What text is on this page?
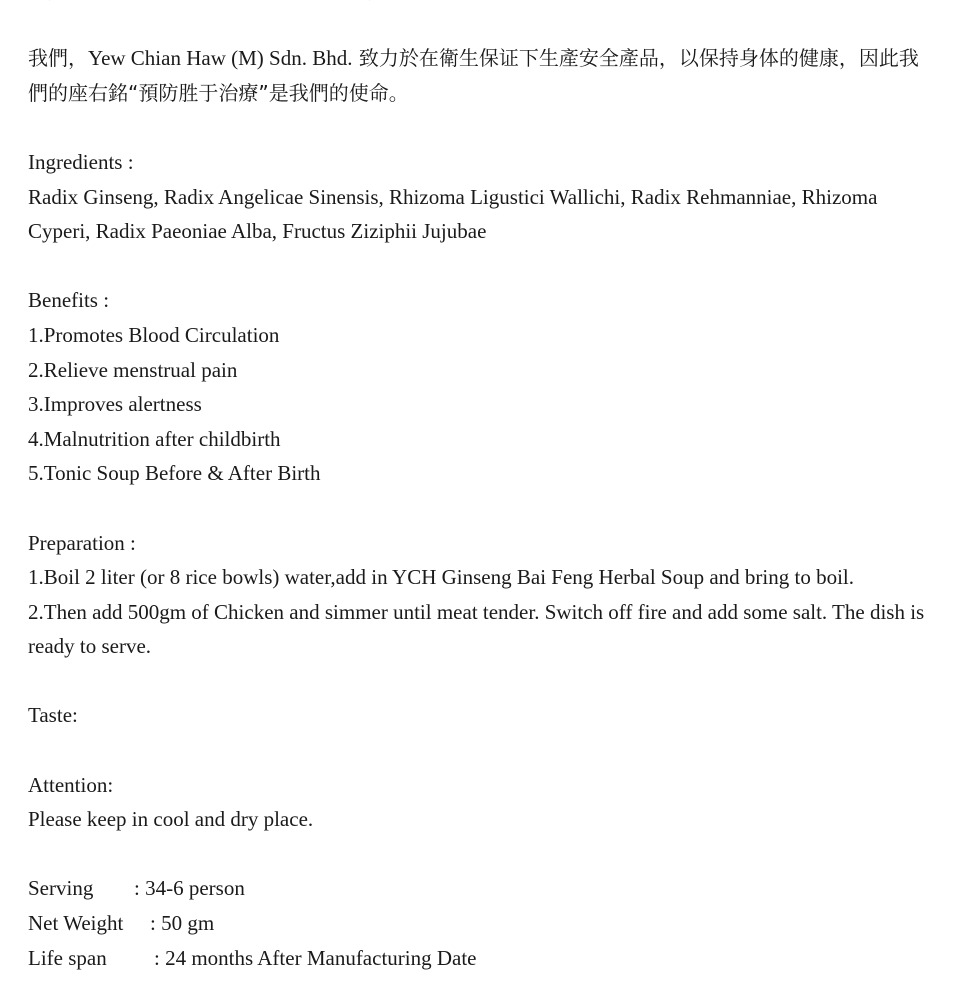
我們，Yew Chian Haw (M) Sdn. Bhd. 致力於在衛生保证下生產安全產品，以保持身体的健康，因此我們的座右銘“預防胜于治療”是我們的使命。
Ingredients :
Radix Ginseng, Radix Angelicae Sinensis, Rhizoma Ligustici Wallichi, Radix Rehmanniae, Rhizoma Cyperi, Radix Paeoniae Alba, Fructus Ziziphii Jujubae
Benefits :
1.Promotes Blood Circulation
2.Relieve menstrual pain
3.Improves alertness
4.Malnutrition after childbirth
5.Tonic Soup Before & After Birth
Preparation :
1.Boil 2 liter (or 8 rice bowls) water,add in YCH Ginseng Bai Feng Herbal Soup and bring to boil.
2.Then add 500gm of Chicken and simmer until meat tender. Switch off fire and add some salt. The dish is ready to serve.
Taste:
Attention:
Please keep in cool and dry place.
Serving : 34-6 person
Net Weight : 50 gm
Life span : 24 months After Manufacturing Date
